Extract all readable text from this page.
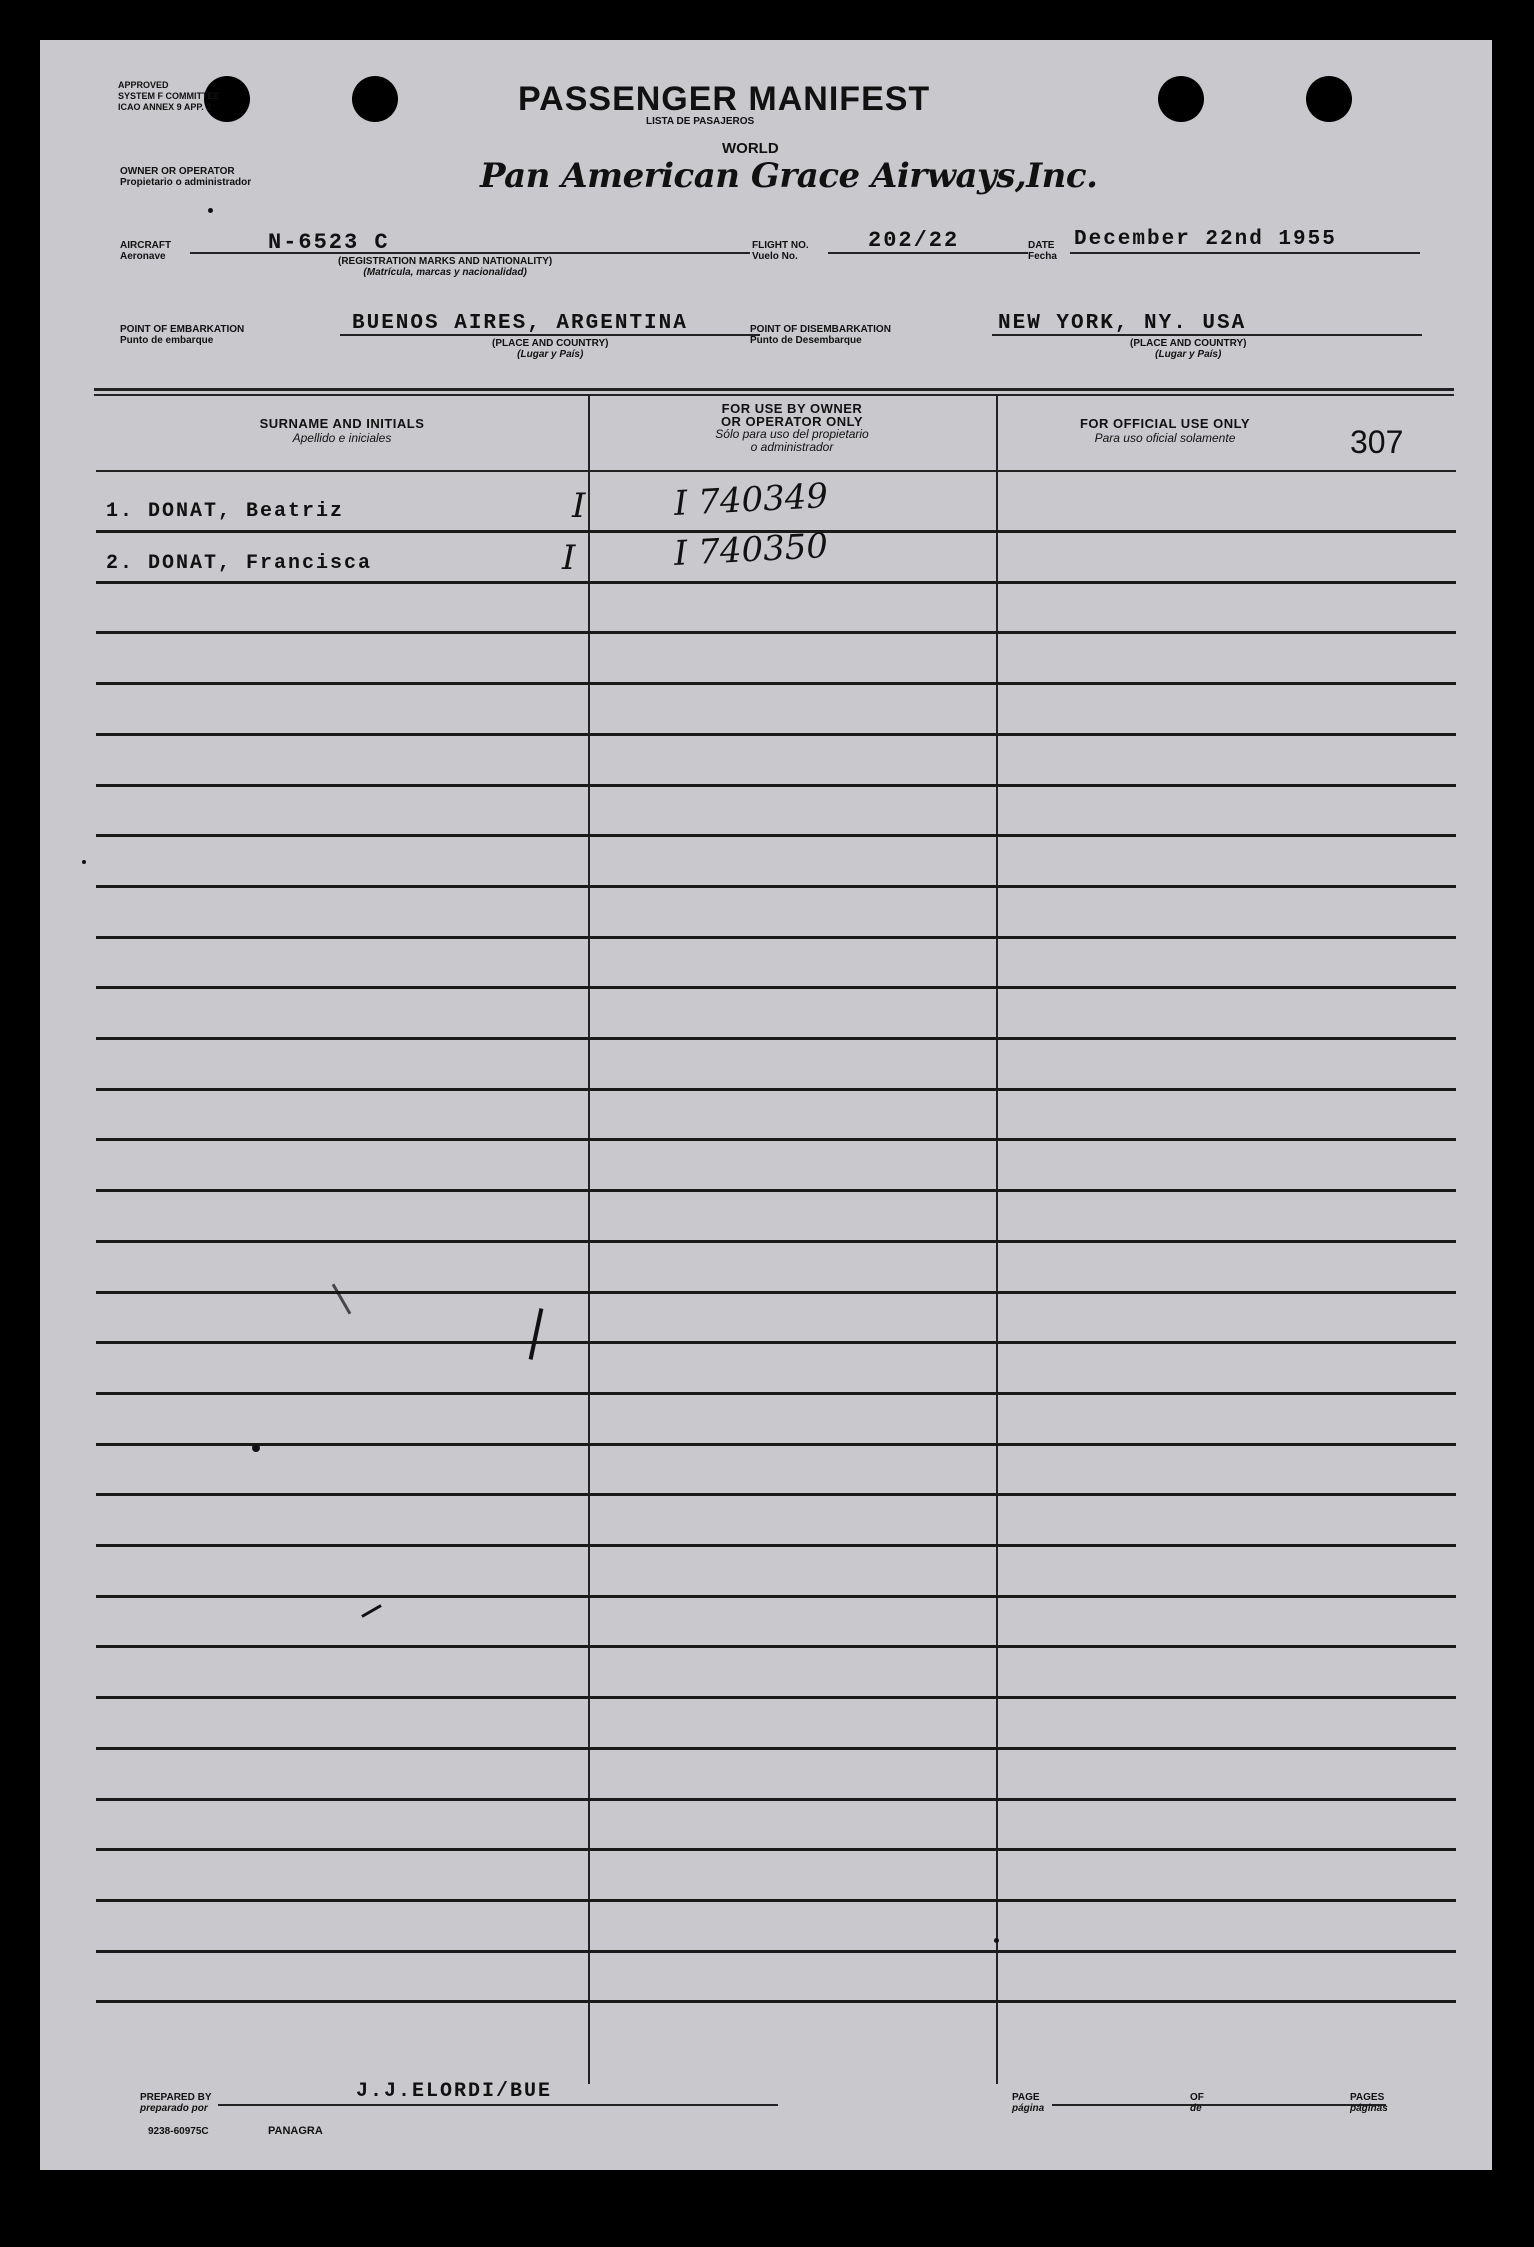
APPROVED
SYSTEM F COMMITTEE
ICAO ANNEX 9 APP. 2	PASSENGER MANIFEST
LISTA DE PASAJEROS
WORLD
OWNER OR OPERATOR
Propietario o administrador	Pan American Grace Airways,Inc.
AIRCRAFT
Aeronave
N-6523 C
(REGISTRATION MARKS AND NATIONALITY)
(Matrícula, marcas y nacionalidad)
FLIGHT NO.
Vuelo No.
202/22	DATE
Fecha
December 22nd 1955
POINT OF EMBARKATION
Punto de embarque
BUENOS AIRES, ARGENTINA
(PLACE AND COUNTRY)
(Lugar y País)
POINT OF DISEMBARKATION
Punto de Desembarque
NEW YORK, NY. USA
(PLACE AND COUNTRY)
(Lugar y País)
SURNAME AND INITIALS
Apellido e iniciales
FOR USE BY OWNER
OR OPERATOR ONLY
Sólo para uso del propietario
o administrador
FOR OFFICIAL USE ONLY
Para uso oficial solamente	307
1. DONAT, Beatriz	I	I 740349
2. DONAT, Francisca	I	I 740350
PREPARED BY
preparado por
J.J.ELORDI/BUE
9238-60975C	PANAGRA
PAGE
página
OF
de
PAGES
páginas
